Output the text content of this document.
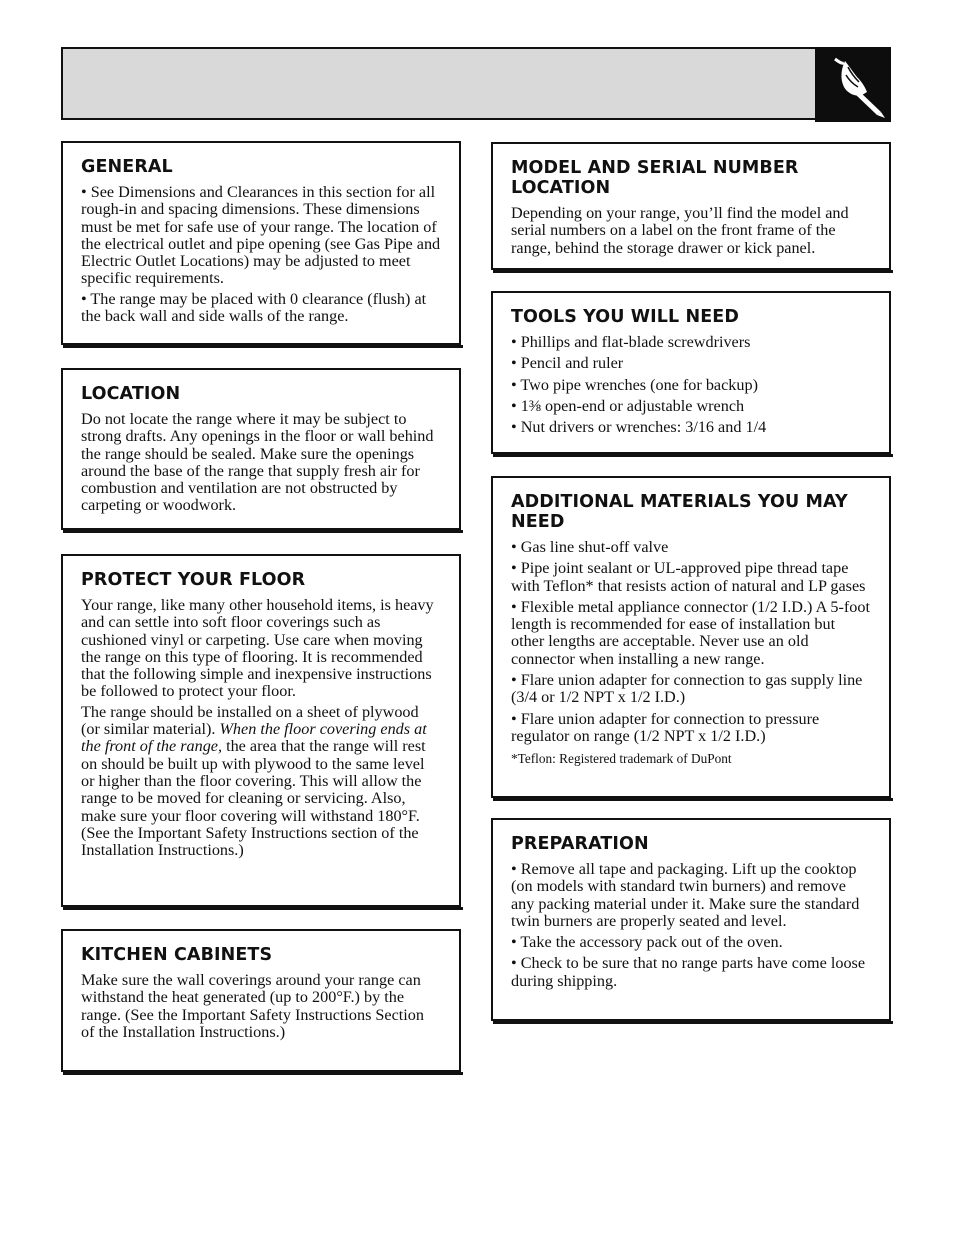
GENERAL
• See Dimensions and Clearances in this section for all rough-in and spacing dimensions. These dimensions must be met for safe use of your range. The location of the electrical outlet and pipe opening (see Gas Pipe and Electric Outlet Locations) may be adjusted to meet specific requirements.
• The range may be placed with 0 clearance (flush) at the back wall and side walls of the range.
LOCATION
Do not locate the range where it may be subject to strong drafts. Any openings in the floor or wall behind the range should be sealed. Make sure the openings around the base of the range that supply fresh air for combustion and ventilation are not obstructed by carpeting or woodwork.
PROTECT YOUR FLOOR
Your range, like many other household items, is heavy and can settle into soft floor coverings such as cushioned vinyl or carpeting. Use care when moving the range on this type of flooring. It is recommended that the following simple and inexpensive instructions be followed to protect your floor.
The range should be installed on a sheet of plywood (or similar material). When the floor covering ends at the front of the range, the area that the range will rest on should be built up with plywood to the same level or higher than the floor covering. This will allow the range to be moved for cleaning or servicing. Also, make sure your floor covering will withstand 180°F. (See the Important Safety Instructions section of the Installation Instructions.)
KITCHEN CABINETS
Make sure the wall coverings around your range can withstand the heat generated (up to 200°F.) by the range. (See the Important Safety Instructions Section of the Installation Instructions.)
MODEL AND SERIAL NUMBER LOCATION
Depending on your range, you’ll find the model and serial numbers on a label on the front frame of the range, behind the storage drawer or kick panel.
TOOLS YOU WILL NEED
• Phillips and flat-blade screwdrivers
• Pencil and ruler
• Two pipe wrenches (one for backup)
• 1⅜ open-end or adjustable wrench
• Nut drivers or wrenches: 3/16 and 1/4
ADDITIONAL MATERIALS YOU MAY NEED
• Gas line shut-off valve
• Pipe joint sealant or UL-approved pipe thread tape with Teflon* that resists action of natural and LP gases
• Flexible metal appliance connector (1/2 I.D.) A 5-foot length is recommended for ease of installation but other lengths are acceptable. Never use an old connector when installing a new range.
• Flare union adapter for connection to gas supply line (3/4 or 1/2 NPT x 1/2 I.D.)
• Flare union adapter for connection to pressure regulator on range (1/2 NPT x 1/2 I.D.)
*Teflon: Registered trademark of DuPont
PREPARATION
• Remove all tape and packaging. Lift up the cooktop (on models with standard twin burners) and remove any packing material under it. Make sure the standard twin burners are properly seated and level.
• Take the accessory pack out of the oven.
• Check to be sure that no range parts have come loose during shipping.
